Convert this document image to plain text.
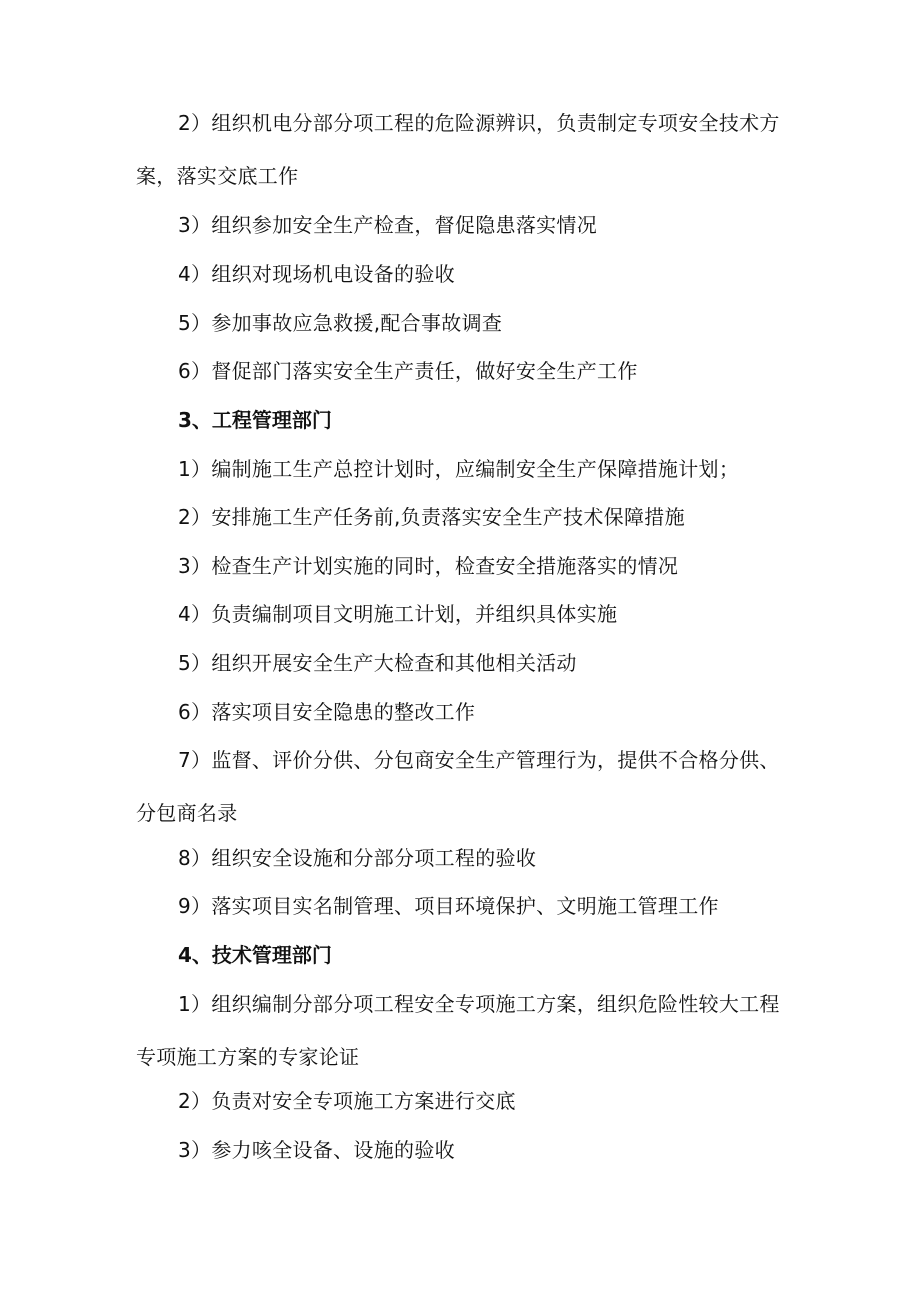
2）组织机电分部分项工程的危险源辨识，负责制定专项安全技术方案，落实交底工作

3）组织参加安全生产检查，督促隐患落实情况

4）组织对现场机电设备的验收

5）参加事故应急救援,配合事故调查

6）督促部门落实安全生产责任，做好安全生产工作

3、工程管理部门

1）编制施工生产总控计划时，应编制安全生产保障措施计划；

2）安排施工生产任务前,负责落实安全生产技术保障措施

3）检查生产计划实施的同时，检查安全措施落实的情况

4）负责编制项目文明施工计划，并组织具体实施

5）组织开展安全生产大检查和其他相关活动

6）落实项目安全隐患的整改工作

7）监督、评价分供、分包商安全生产管理行为，提供不合格分供、分包商名录

8）组织安全设施和分部分项工程的验收

9）落实项目实名制管理、项目环境保护、文明施工管理工作

4、技术管理部门

1）组织编制分部分项工程安全专项施工方案，组织危险性较大工程专项施工方案的专家论证

2）负责对安全专项施工方案进行交底

3）参力咳全设备、设施的验收
